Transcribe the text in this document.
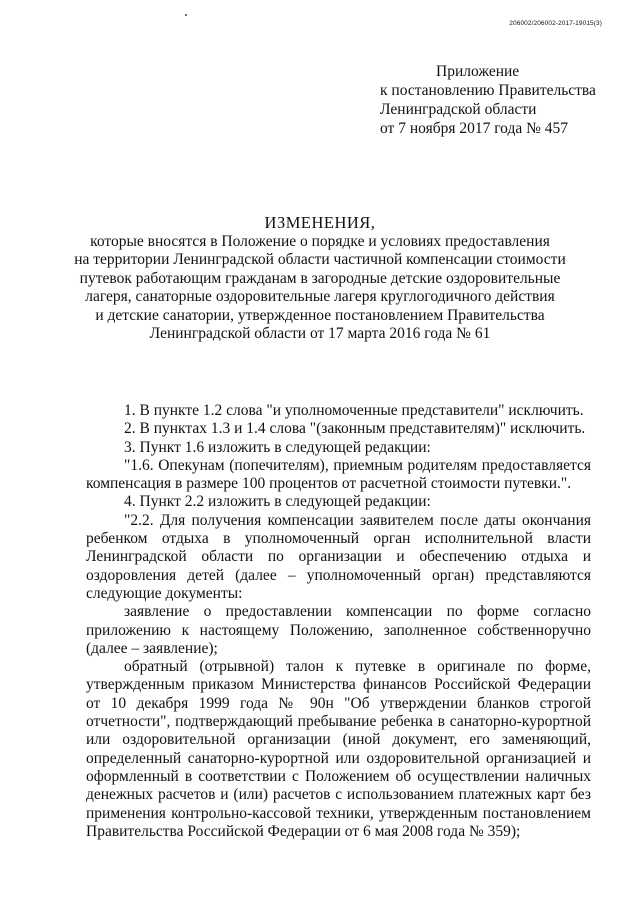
206002/206002-2017-19015(3)
Приложение
к постановлению Правительства
Ленинградской области
от 7 ноября 2017 года № 457
ИЗМЕНЕНИЯ,
которые вносятся в Положение о порядке и условиях предоставления
на территории Ленинградской области частичной компенсации стоимости
путевок работающим гражданам в загородные детские оздоровительные
лагеря, санаторные оздоровительные лагеря круглогодичного действия
и детские санатории, утвержденное постановлением Правительства
Ленинградской области от 17 марта 2016 года № 61

1. В пункте 1.2 слова "и уполномоченные представители" исключить.

2. В пунктах 1.3 и 1.4 слова "(законным представителям)" исключить.

3. Пункт 1.6 изложить в следующей редакции:

"1.6. Опекунам (попечителям), приемным родителям предоставляется компенсация в размере 100 процентов от расчетной стоимости путевки.".

4. Пункт 2.2 изложить в следующей редакции:

"2.2. Для получения компенсации заявителем после даты окончания ребенком отдыха в уполномоченный орган исполнительной власти Ленинградской области по организации и обеспечению отдыха и оздоровления детей (далее – уполномоченный орган) представляются следующие документы:

заявление о предоставлении компенсации по форме согласно приложению к настоящему Положению, заполненное собственноручно (далее – заявление);

обратный (отрывной) талон к путевке в оригинале по форме, утвержденным приказом Министерства финансов Российской Федерации от 10 декабря 1999 года № 90н "Об утверждении бланков строгой отчетности", подтверждающий пребывание ребенка в санаторно-курортной или оздоровительной организации (иной документ, его заменяющий, определенный санаторно-курортной или оздоровительной организацией и оформленный в соответствии с Положением об осуществлении наличных денежных расчетов и (или) расчетов с использованием платежных карт без применения контрольно-кассовой техники, утвержденным постановлением Правительства Российской Федерации от 6 мая 2008 года № 359);
